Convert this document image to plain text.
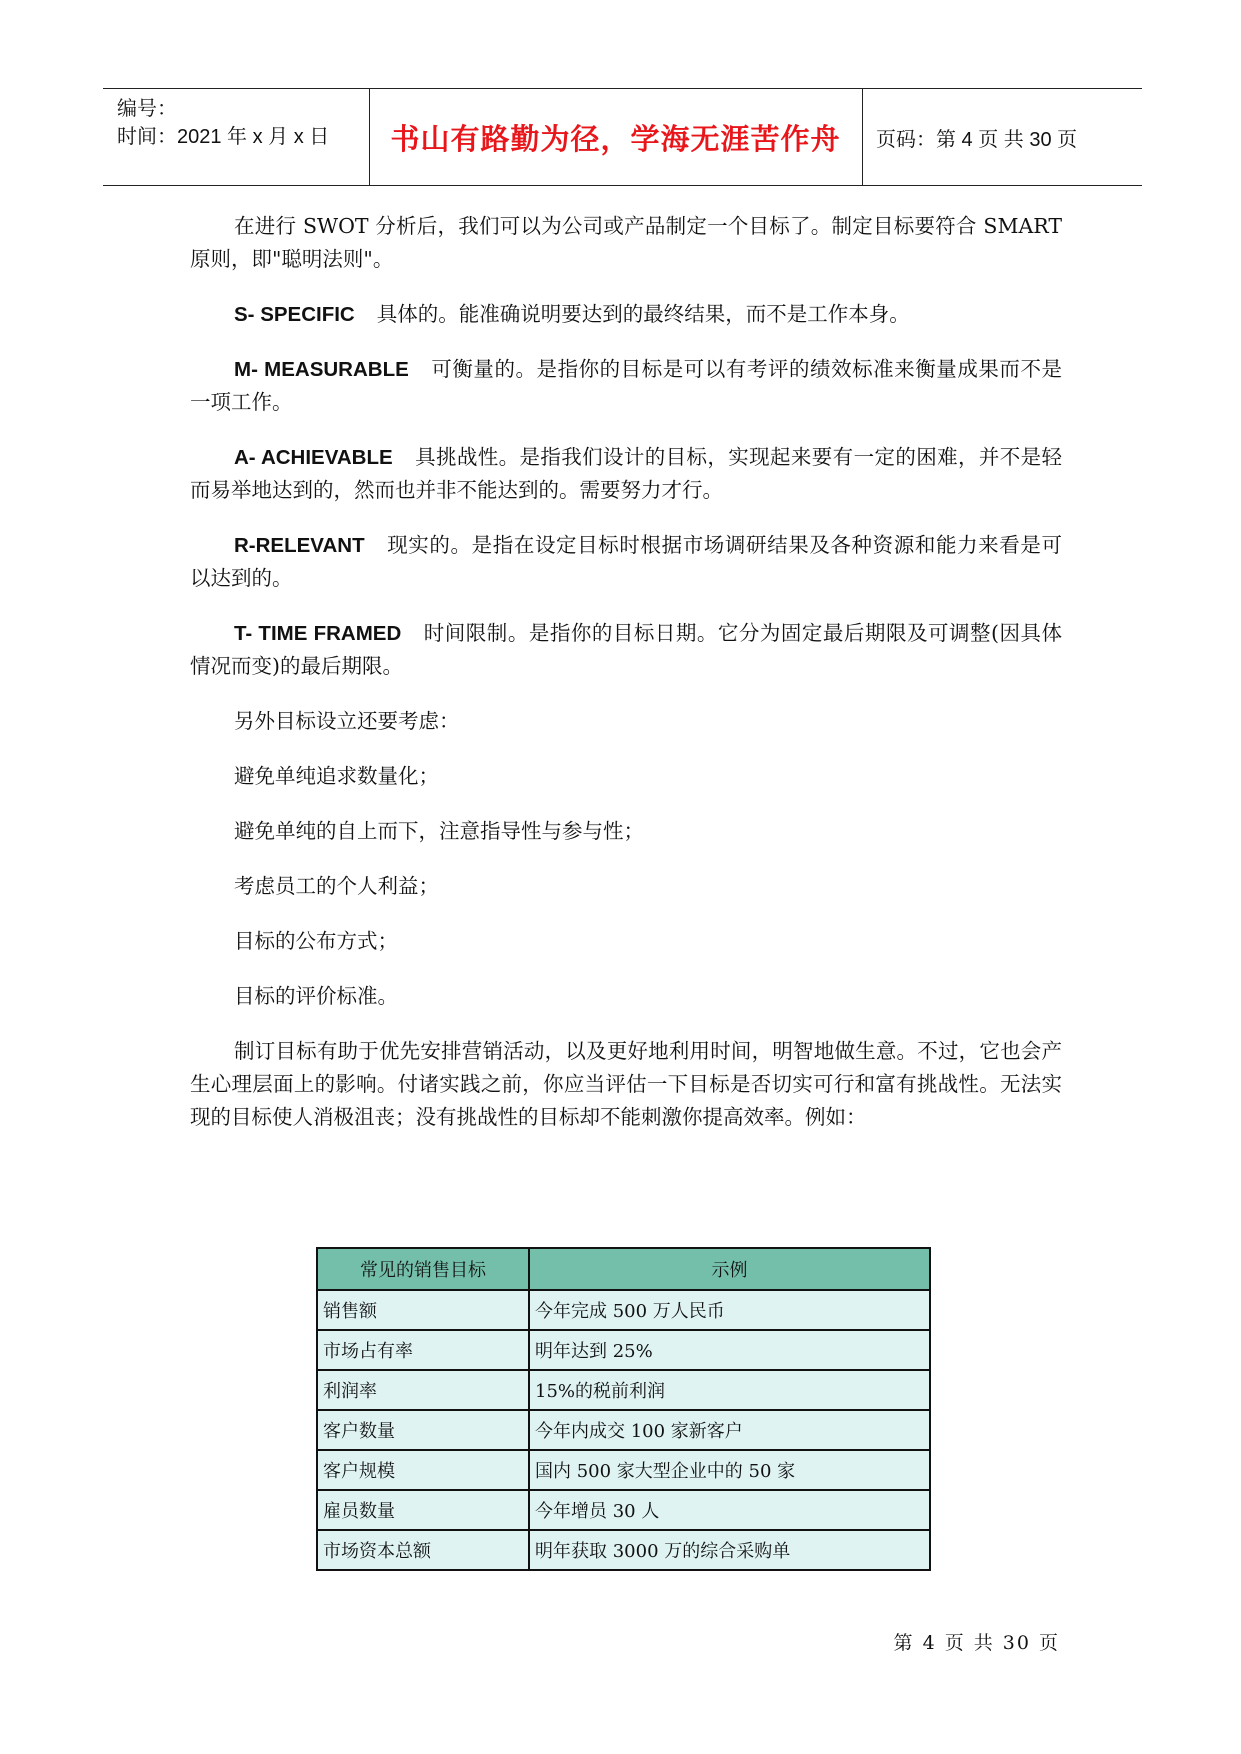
编号：
时间：2021 年 x 月 x 日 书山有路勤为径，学海无涯苦作舟 页码：第 4 页 共 30 页

在进行 SWOT 分析后，我们可以为公司或产品制定一个目标了。制定目标要符合 SMART 原则，即"聪明法则"。

S- SPECIFIC 具体的。能准确说明要达到的最终结果，而不是工作本身。

M- MEASURABLE 可衡量的。是指你的目标是可以有考评的绩效标准来衡量成果而不是一项工作。

A- ACHIEVABLE 具挑战性。是指我们设计的目标，实现起来要有一定的困难，并不是轻而易举地达到的，然而也并非不能达到的。需要努力才行。

R-RELEVANT 现实的。是指在设定目标时根据市场调研结果及各种资源和能力来看是可以达到的。

T- TIME FRAMED 时间限制。是指你的目标日期。它分为固定最后期限及可调整(因具体情况而变)的最后期限。

另外目标设立还要考虑：

避免单纯追求数量化；

避免单纯的自上而下，注意指导性与参与性；

考虑员工的个人利益；

目标的公布方式；

目标的评价标准。

制订目标有助于优先安排营销活动，以及更好地利用时间，明智地做生意。不过，它也会产生心理层面上的影响。付诸实践之前，你应当评估一下目标是否切实可行和富有挑战性。无法实现的目标使人消极沮丧；没有挑战性的目标却不能刺激你提高效率。例如：

常见的销售目标	示例
销售额	今年完成 500 万人民币
市场占有率	明年达到 25%
利润率	15%的税前利润
客户数量	今年内成交 100 家新客户
客户规模	国内 500 家大型企业中的 50 家
雇员数量	今年增员 30 人
市场资本总额	明年获取 3000 万的综合采购单
第 4 页 共 30 页
